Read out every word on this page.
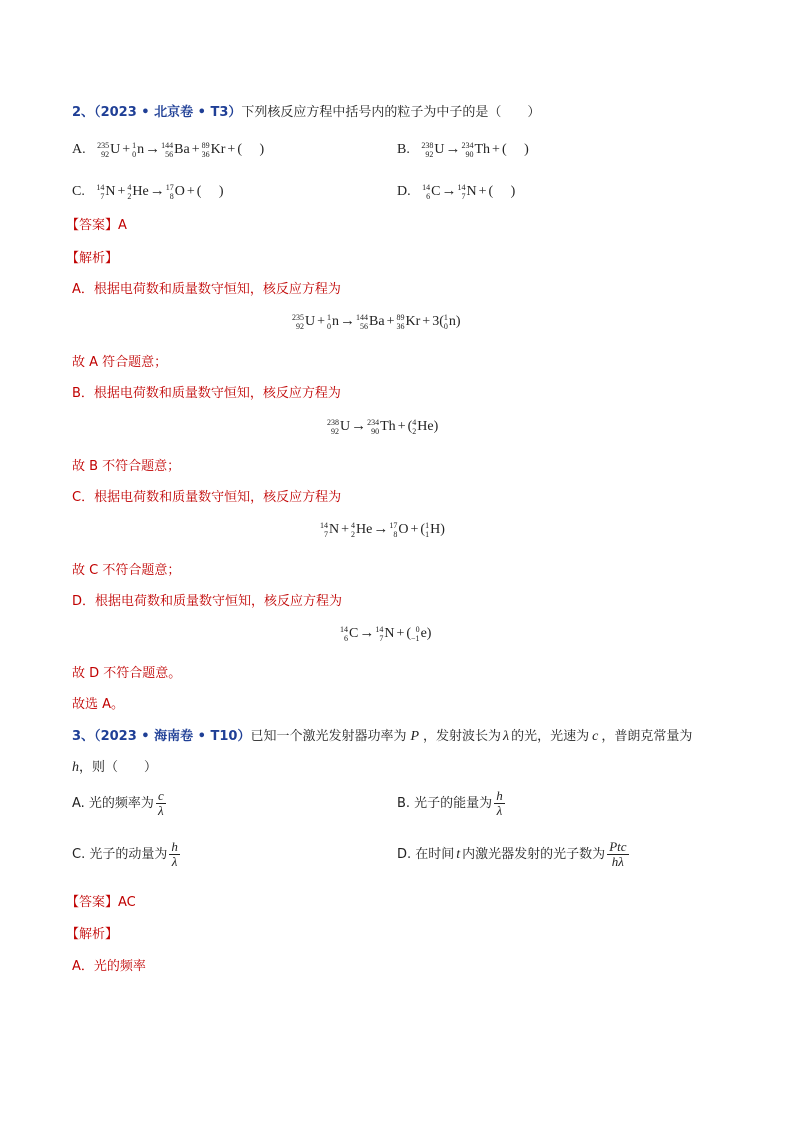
2、（2023 • 北京卷 • T3）下列核反应方程中括号内的粒子为中子的是（　　）
A. 235
92 U + 1
0 n → 144
56 Ba + 89
36 Kr + (　 )	B. 238
92 U → 234
90 Th + (　 )
C. 14
7 N + 4
2 He → 17
8 O + (　 )	D. 14
6 C → 14
7 N + (　 )
【答案】A
【解析】
A．根据电荷数和质量数守恒知，核反应方程为
235
92 U + 1
0 n → 144
56 Ba + 89
36 Kr + 3( 1
0 n )
故 A 符合题意；
B．根据电荷数和质量数守恒知，核反应方程为
238
92 U → 234
90 Th + ( 4
2 He )
故 B 不符合题意；
C．根据电荷数和质量数守恒知，核反应方程为
14
7 N + 4
2 He → 17
8 O + ( 1
1 H )
故 C 不符合题意；
D．根据电荷数和质量数守恒知，核反应方程为
14
6 C → 14
7 N + ( 0
−1 e )
故 D 不符合题意。
故选 A。
3、（2023 • 海南卷 • T10）已知一个激光发射器功率为 P ，发射波长为 λ 的光，光速为 c ，普朗克常量为
h，则（　　）
A. 光的频率为 $\frac{c}{\lambda}$	B. 光子的能量为 $\frac{h}{\lambda}$
C. 光子的动量为 $\frac{h}{\lambda}$	D. 在时间 t 内激光器发射的光子数为 $\frac{\text{Ptc}}{h\lambda}$
【答案】AC
【解析】
A．光的频率
